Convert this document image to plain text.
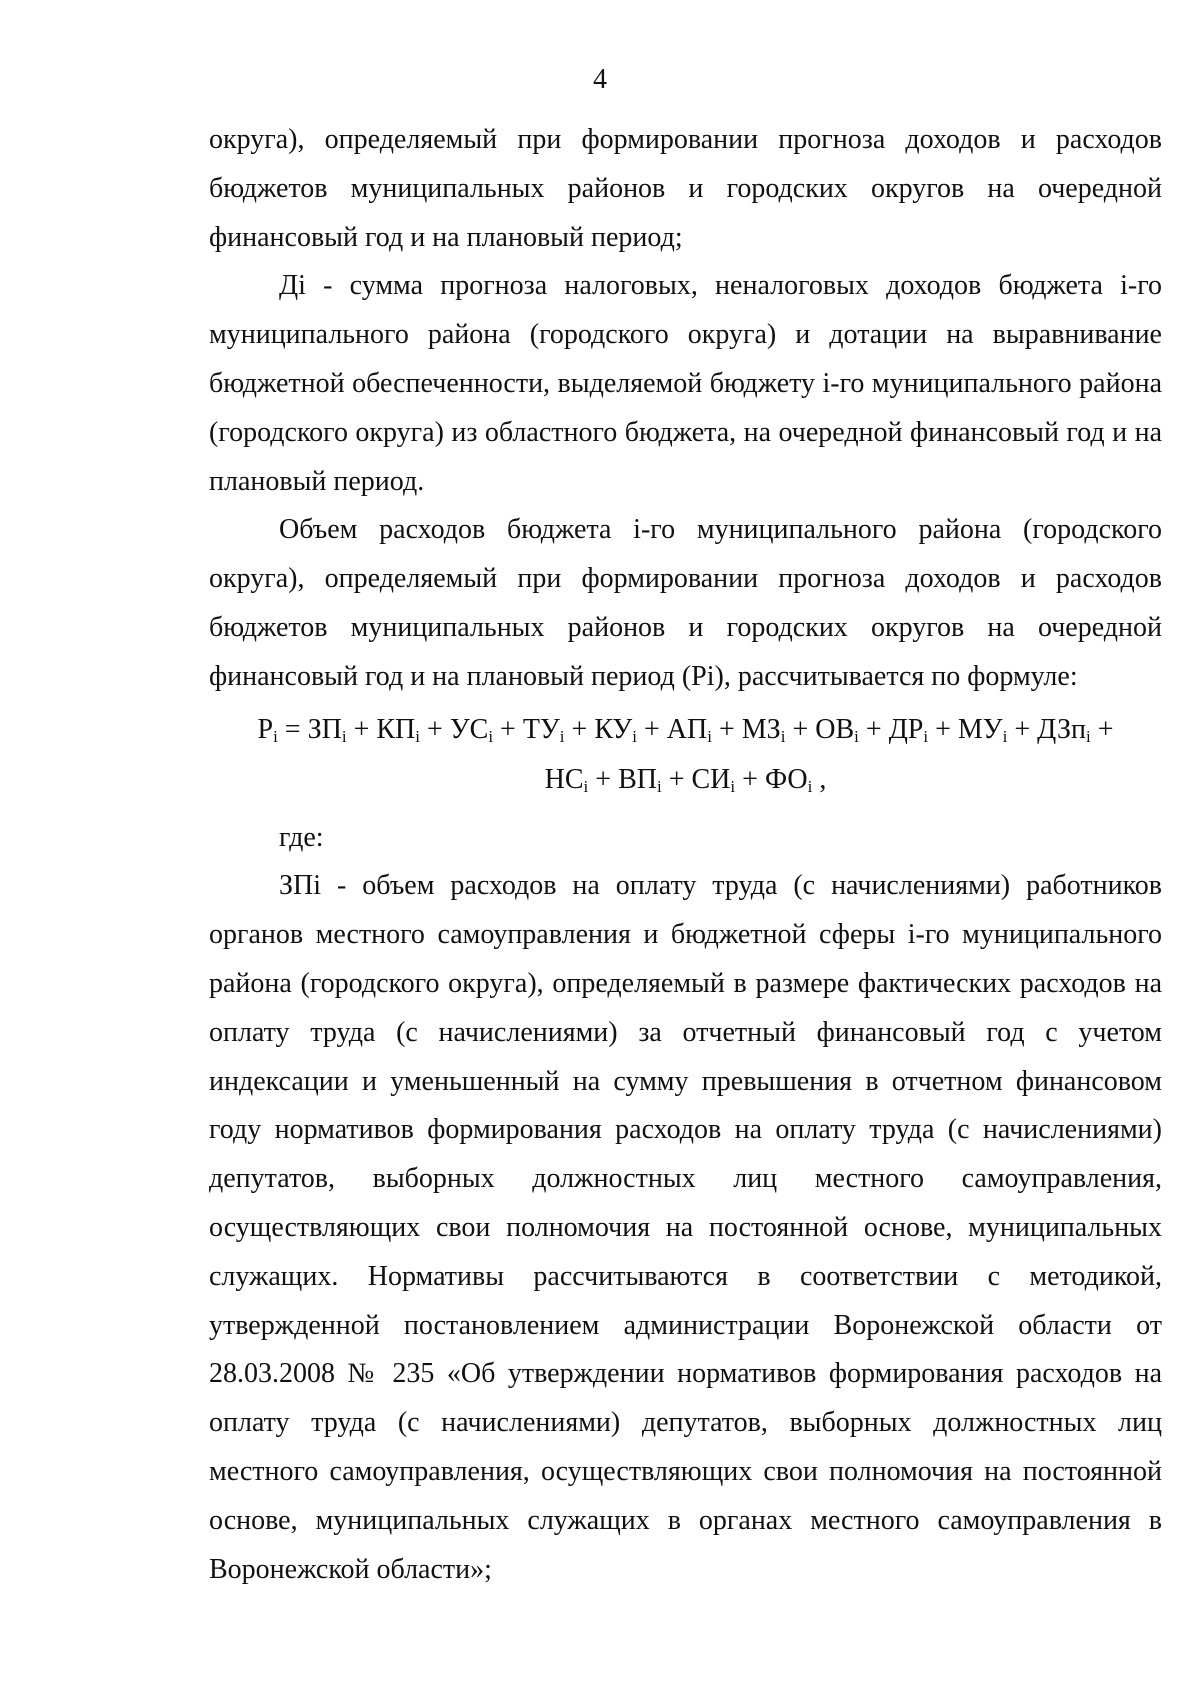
4

округа), определяемый при формировании прогноза доходов и расходов бюджетов муниципальных районов и городских округов на очередной финансовый год и на плановый период;

Дi - сумма прогноза налоговых, неналоговых доходов бюджета i-го муниципального района (городского округа) и дотации на выравнивание бюджетной обеспеченности, выделяемой бюджету i-го муниципального района (городского округа) из областного бюджета, на очередной финансовый год и на плановый период.

Объем расходов бюджета i-го муниципального района (городского округа), определяемый при формировании прогноза доходов и расходов бюджетов муниципальных районов и городских округов на очередной финансовый год и на плановый период (Pi), рассчитывается по формуле:

$P_i = ЗП_i + КП_i + УС_i + ТУ_i + КУ_i + АП_i + МЗ_i + ОВ_i + ДР_i + МУ_i + ДЗп_i$ +
$НС_i + ВП_i + СИ_i + ФО_i$ ,

где:

ЗПi - объем расходов на оплату труда (с начислениями) работников органов местного самоуправления и бюджетной сферы i-го муниципального района (городского округа), определяемый в размере фактических расходов на оплату труда (с начислениями) за отчетный финансовый год с учетом индексации и уменьшенный на сумму превышения в отчетном финансовом году нормативов формирования расходов на оплату труда (с начислениями) депутатов, выборных должностных лиц местного самоуправления, осуществляющих свои полномочия на постоянной основе, муниципальных служащих. Нормативы рассчитываются в соответствии с методикой, утвержденной постановлением администрации Воронежской области от 28.03.2008 № 235 «Об утверждении нормативов формирования расходов на оплату труда (с начислениями) депутатов, выборных должностных лиц местного самоуправления, осуществляющих свои полномочия на постоянной основе, муниципальных служащих в органах местного самоуправления в Воронежской области»;
